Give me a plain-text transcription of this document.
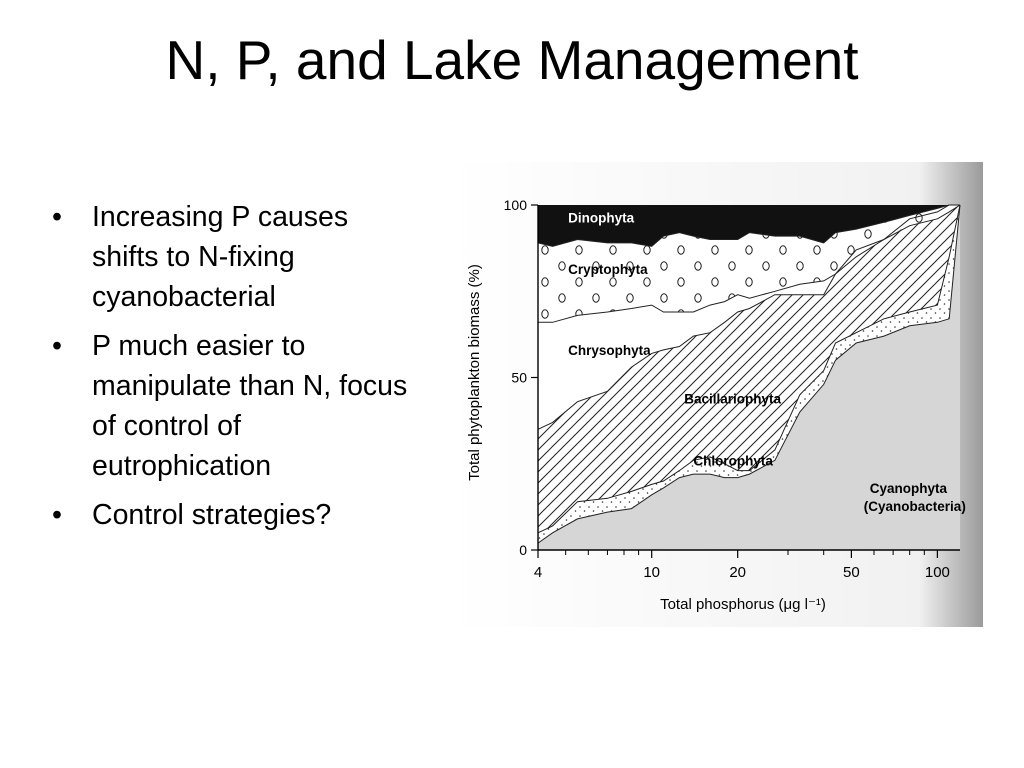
N, P, and Lake Management
• Increasing P causes shifts to N-fixing cyanobacterial
• P much easier to manipulate than N, focus of control of eutrophication
• Control strategies?
0
50
100
4	10	20	50	100
Total phosphorus (μg l⁻¹)
Total phytoplankton biomass (%)
Cyanophyta
(Cyanobacteria)
Chlorophyta
Bacillariophyta
Chrysophyta
Cryptophyta
Dinophyta
